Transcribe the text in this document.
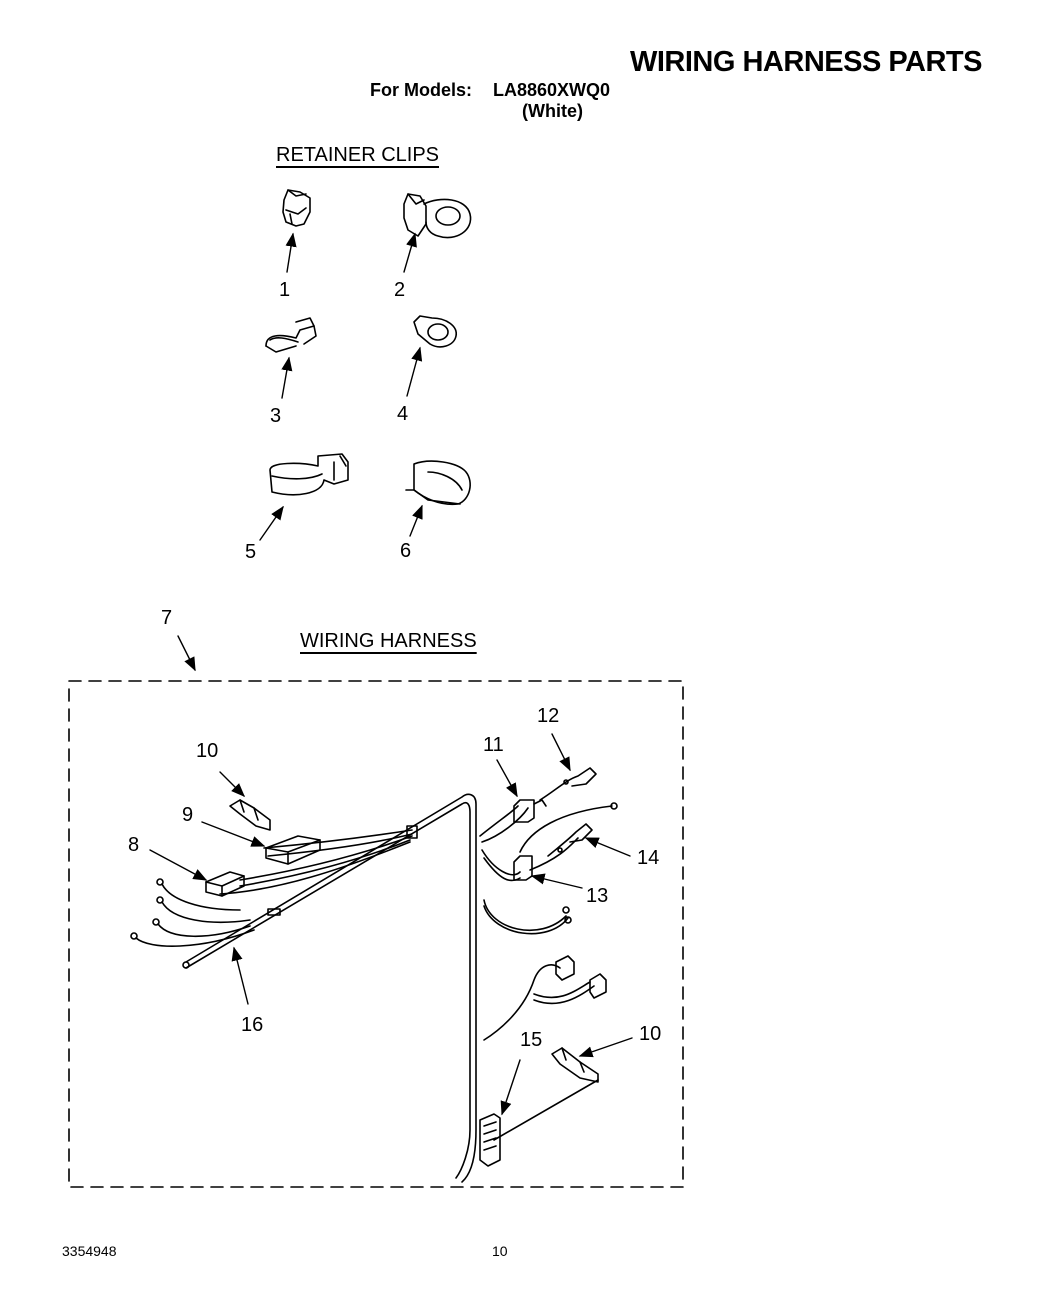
WIRING HARNESS PARTS
For Models: LA8860XWQ0
(White)
RETAINER CLIPS
WIRING HARNESS
1	2
3	4
5	6
7
8
9
10	11
12
13
14
15
16	10
3354948	10
